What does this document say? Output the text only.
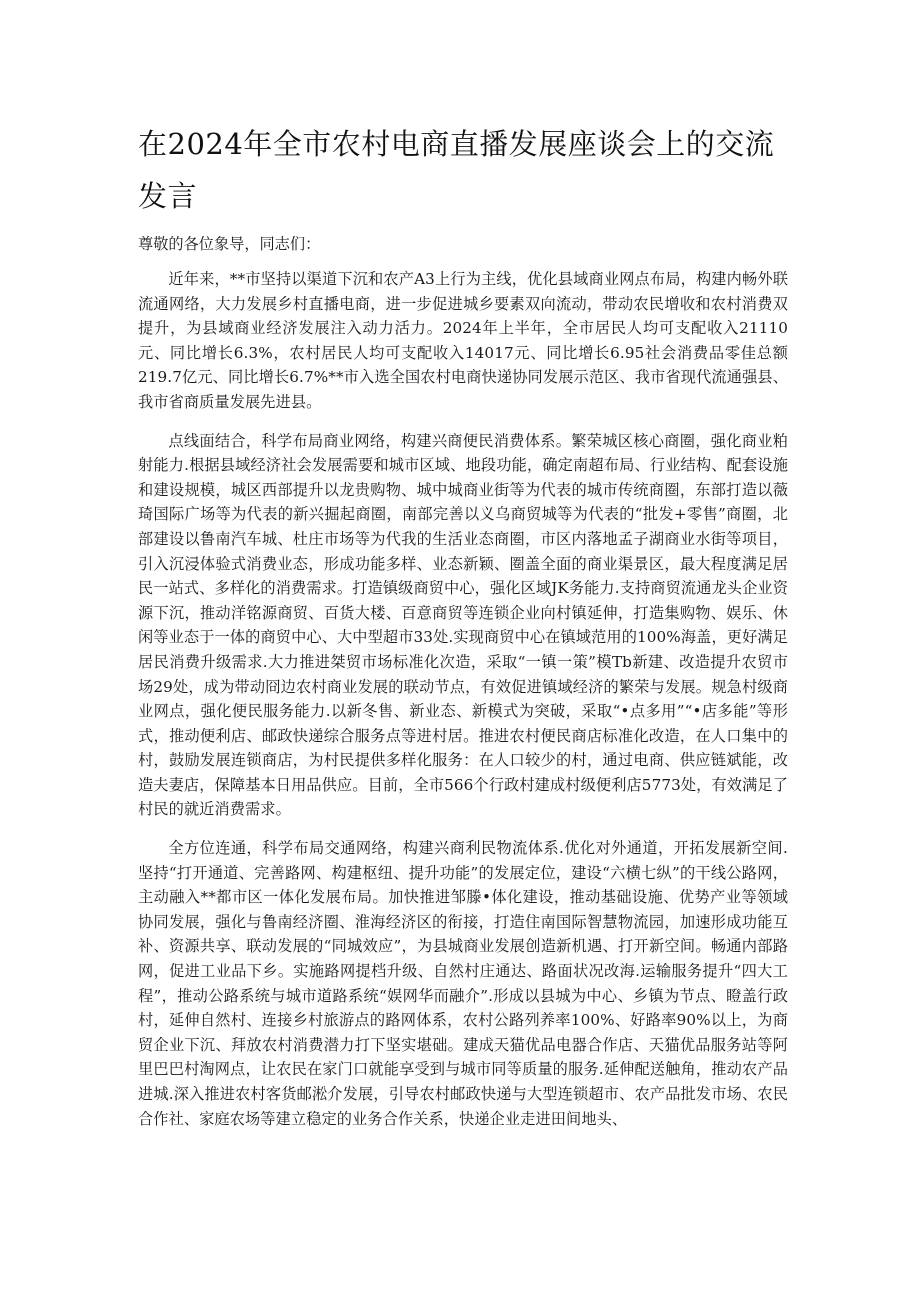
在2024年全市农村电商直播发展座谈会上的交流发言

尊敬的各位象导，同志们：

近年来，**市坚持以渠道下沉和农产A3上行为主线，优化县域商业网点布局，构建内畅外联流通网络，大力发展乡村直播电商，进一步促进城乡要素双向流动，带动农民增收和农村消费双提升，为县域商业经济发展注入动力活力。2024年上半年，全市居民人均可支配收入21110元、同比增长6.3%，农村居民人均可支配收入14017元、同比增长6.95社会消费品零佳总额219.7亿元、同比增长6.7%**市入选全国农村电商快递协同发展示范区、我市省现代流通强县、我市省商质量发展先进县。

点线面结合，科学布局商业网络，构建兴商便民消费体系。繁荣城区核心商圈，强化商业粕射能力.根据县域经济社会发展需要和城市区域、地段功能，确定南超布局、行业结构、配套设施和建设规模，城区西部提升以龙贵购物、城中城商业街等为代表的城市传统商圈，东部打造以薇琦国际广场等为代表的新兴掘起商圈，南部完善以义乌商贸城等为代表的“批发+零售”商圈，北部建设以鲁南汽车城、杜庄市场等为代我的生活业态商圈，市区内落地孟子湖商业水街等项目，引入沉浸体验式消费业态，形成功能多样、业态新颖、圈盖全面的商业渠景区，最大程度满足居民一站式、多样化的消费需求。打造镇级商贸中心，强化区域JK务能力.支持商贸流通龙头企业资源下沉，推动洋铭源商贸、百货大楼、百意商贸等连锁企业向村镇延伸，打造集购物、娱乐、休闲等业态于一体的商贸中心、大中型超市33处.实现商贸中心在镇域范用的100%海盖，更好满足居民消费升级需求.大力推进桀贸市场标准化次造，采取“一镇一策”模Tb新建、改造提升农贸市场29处，成为带动冏边农村商业发展的联动节点，有效促进镇域经济的繁荣与发展。规急村级商业网点，强化便民服务能力.以新冬售、新业态、新模式为突破，采取“•点多用”“•店多能”等形式，推动便利店、邮政快递综合服务点等进村居。推进农村便民商店标准化改造，在人口集中的村，鼓励发展连锁商店，为村民提供多样化服务：在人口较少的村，通过电商、供应链斌能，改造夫妻店，保障基本日用品供应。目前，全市566个行政村建成村级便利店5773处，有效满足了村民的就近消费需求。

全方位连通，科学布局交通网络，构建兴商利民物流体系.优化对外通道，开拓发展新空间.坚持“打开通道、完善路网、构建枢纽、提升功能”的发展定位，建设“六横七纵”的干线公路网，主动融入**都市区一体化发展布局。加快推进邹滕•体化建设，推动基础设施、优势产业等领域协同发展，强化与鲁南经济圈、淮海经济区的衔接，打造住南国际智慧物流园，加速形成功能互补、资源共享、联动发展的“同城效应”，为县城商业发展创造新机遇、打开新空间。畅通内部路网，促进工业品下乡。实施路网提档升级、自然村庄通达、路面状况改海.运输服务提升“四大工程”，推动公路系统与城市道路系统“娱网华而融介”.形成以县城为中心、乡镇为节点、瞪盖行政村，延伸自然村、连接乡村旅游点的路网体系，农村公路列养率100%、好路率90%以上，为商贸企业下沉、拜放农村消费潜力打下坚实堪础。建成天猫优品电器合作店、天猫优品服务站等阿里巴巴村淘网点，让农民在家门口就能享受到与城市同等质量的服务.延伸配送触角，推动农产品进城.深入推进农村客货邮淞介发展，引导农村邮政快递与大型连锁超市、农产品批发市场、农民合作社、家庭农场等建立稳定的业务合作关系，快递企业走进田间地头、
